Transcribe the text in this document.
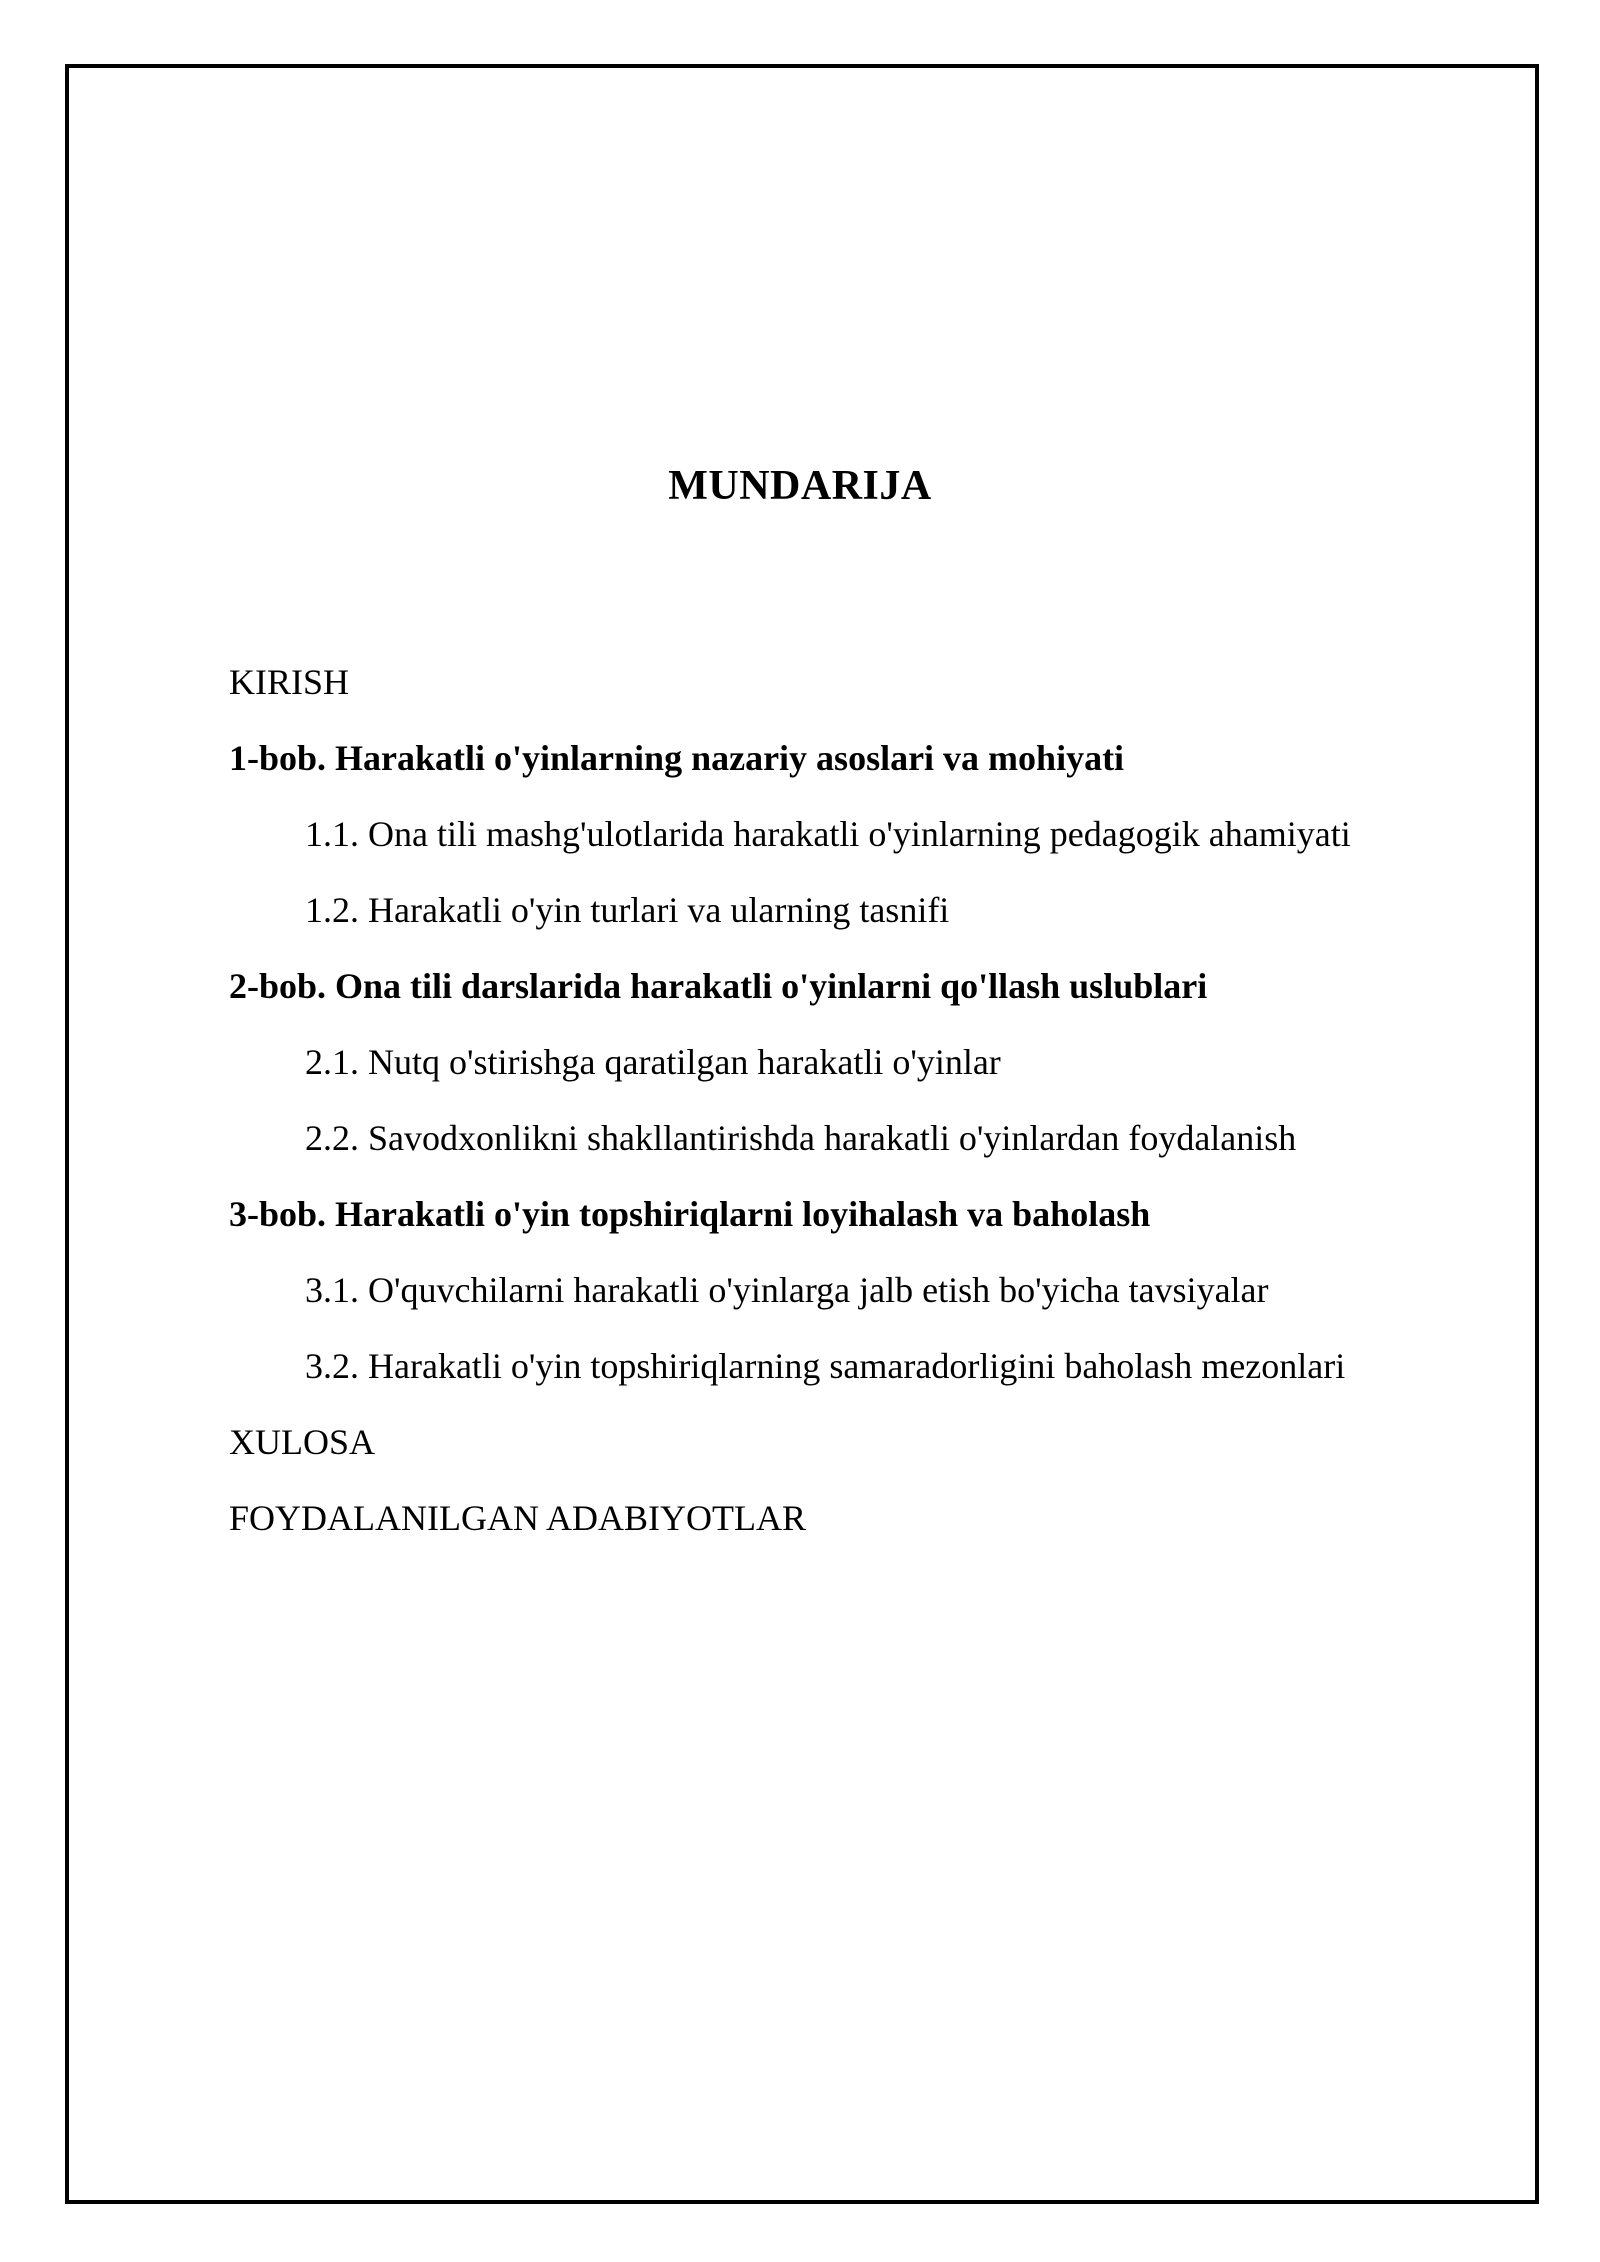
MUNDARIJA
KIRISH
1-bob. Harakatli o'yinlarning nazariy asoslari va mohiyati
1.1. Ona tili mashg'ulotlarida harakatli o'yinlarning pedagogik ahamiyati
1.2. Harakatli o'yin turlari va ularning tasnifi
2-bob. Ona tili darslarida harakatli o'yinlarni qo'llash uslublari
2.1. Nutq o'stirishga qaratilgan harakatli o'yinlar
2.2. Savodxonlikni shakllantirishda harakatli o'yinlardan foydalanish
3-bob. Harakatli o'yin topshiriqlarni loyihalash va baholash
3.1. O'quvchilarni harakatli o'yinlarga jalb etish bo'yicha tavsiyalar
3.2. Harakatli o'yin topshiriqlarning samaradorligini baholash mezonlari
XULOSA
FOYDALANILGAN ADABIYOTLAR
